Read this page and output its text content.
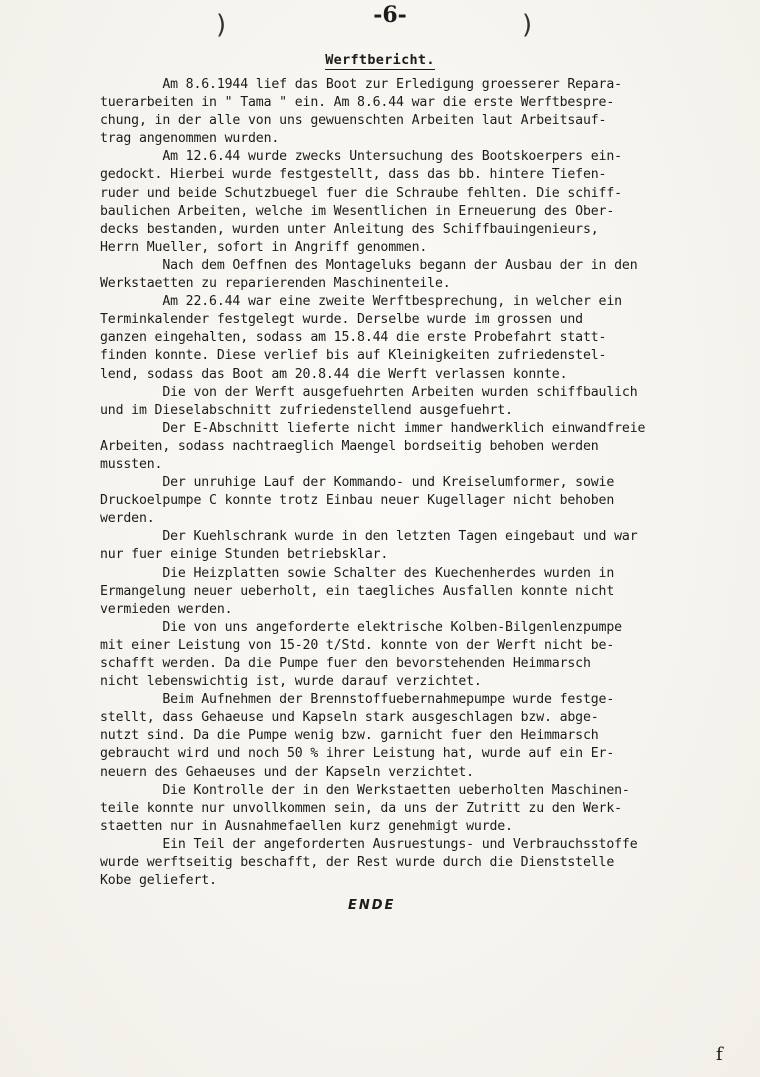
)	-6-	)
Werftbericht.
Am 8.6.1944 lief das Boot zur Erledigung groesserer Repara-
tuerarbeiten in " Tama " ein. Am 8.6.44 war die erste Werftbespre-
chung, in der alle von uns gewuenschten Arbeiten laut Arbeitsauf-
trag angenommen wurden.
Am 12.6.44 wurde zwecks Untersuchung des Bootskoerpers ein-
gedockt. Hierbei wurde festgestellt, dass das bb. hintere Tiefen-
ruder und beide Schutzbuegel fuer die Schraube fehlten. Die schiff-
baulichen Arbeiten, welche im Wesentlichen in Erneuerung des Ober-
decks bestanden, wurden unter Anleitung des Schiffbauingenieurs,
Herrn Mueller, sofort in Angriff genommen.
Nach dem Oeffnen des Montageluks begann der Ausbau der in den
Werkstaetten zu reparierenden Maschinenteile.
Am 22.6.44 war eine zweite Werftbesprechung, in welcher ein
Terminkalender festgelegt wurde. Derselbe wurde im grossen und
ganzen eingehalten, sodass am 15.8.44 die erste Probefahrt statt-
finden konnte. Diese verlief bis auf Kleinigkeiten zufriedenstel-
lend, sodass das Boot am 20.8.44 die Werft verlassen konnte.
Die von der Werft ausgefuehrten Arbeiten wurden schiffbaulich
und im Dieselabschnitt zufriedenstellend ausgefuehrt.
Der E-Abschnitt lieferte nicht immer handwerklich einwandfreie
Arbeiten, sodass nachtraeglich Maengel bordseitig behoben werden
mussten.
Der unruhige Lauf der Kommando- und Kreiselumformer, sowie
Druckoelpumpe C konnte trotz Einbau neuer Kugellager nicht behoben
werden.
Der Kuehlschrank wurde in den letzten Tagen eingebaut und war
nur fuer einige Stunden betriebsklar.
Die Heizplatten sowie Schalter des Kuechenherdes wurden in
Ermangelung neuer ueberholt, ein taegliches Ausfallen konnte nicht
vermieden werden.
Die von uns angeforderte elektrische Kolben-Bilgenlenzpumpe
mit einer Leistung von 15-20 t/Std. konnte von der Werft nicht be-
schafft werden. Da die Pumpe fuer den bevorstehenden Heimmarsch
nicht lebenswichtig ist, wurde darauf verzichtet.
Beim Aufnehmen der Brennstoffuebernahmepumpe wurde festge-
stellt, dass Gehaeuse und Kapseln stark ausgeschlagen bzw. abge-
nutzt sind. Da die Pumpe wenig bzw. garnicht fuer den Heimmarsch
gebraucht wird und noch 50 % ihrer Leistung hat, wurde auf ein Er-
neuern des Gehaeuses und der Kapseln verzichtet.
Die Kontrolle der in den Werkstaetten ueberholten Maschinen-
teile konnte nur unvollkommen sein, da uns der Zutritt zu den Werk-
staetten nur in Ausnahmefaellen kurz genehmigt wurde.
Ein Teil der angeforderten Ausruestungs- und Verbrauchsstoffe
wurde werftseitig beschafft, der Rest wurde durch die Dienststelle
Kobe geliefert.
ENDE
f
